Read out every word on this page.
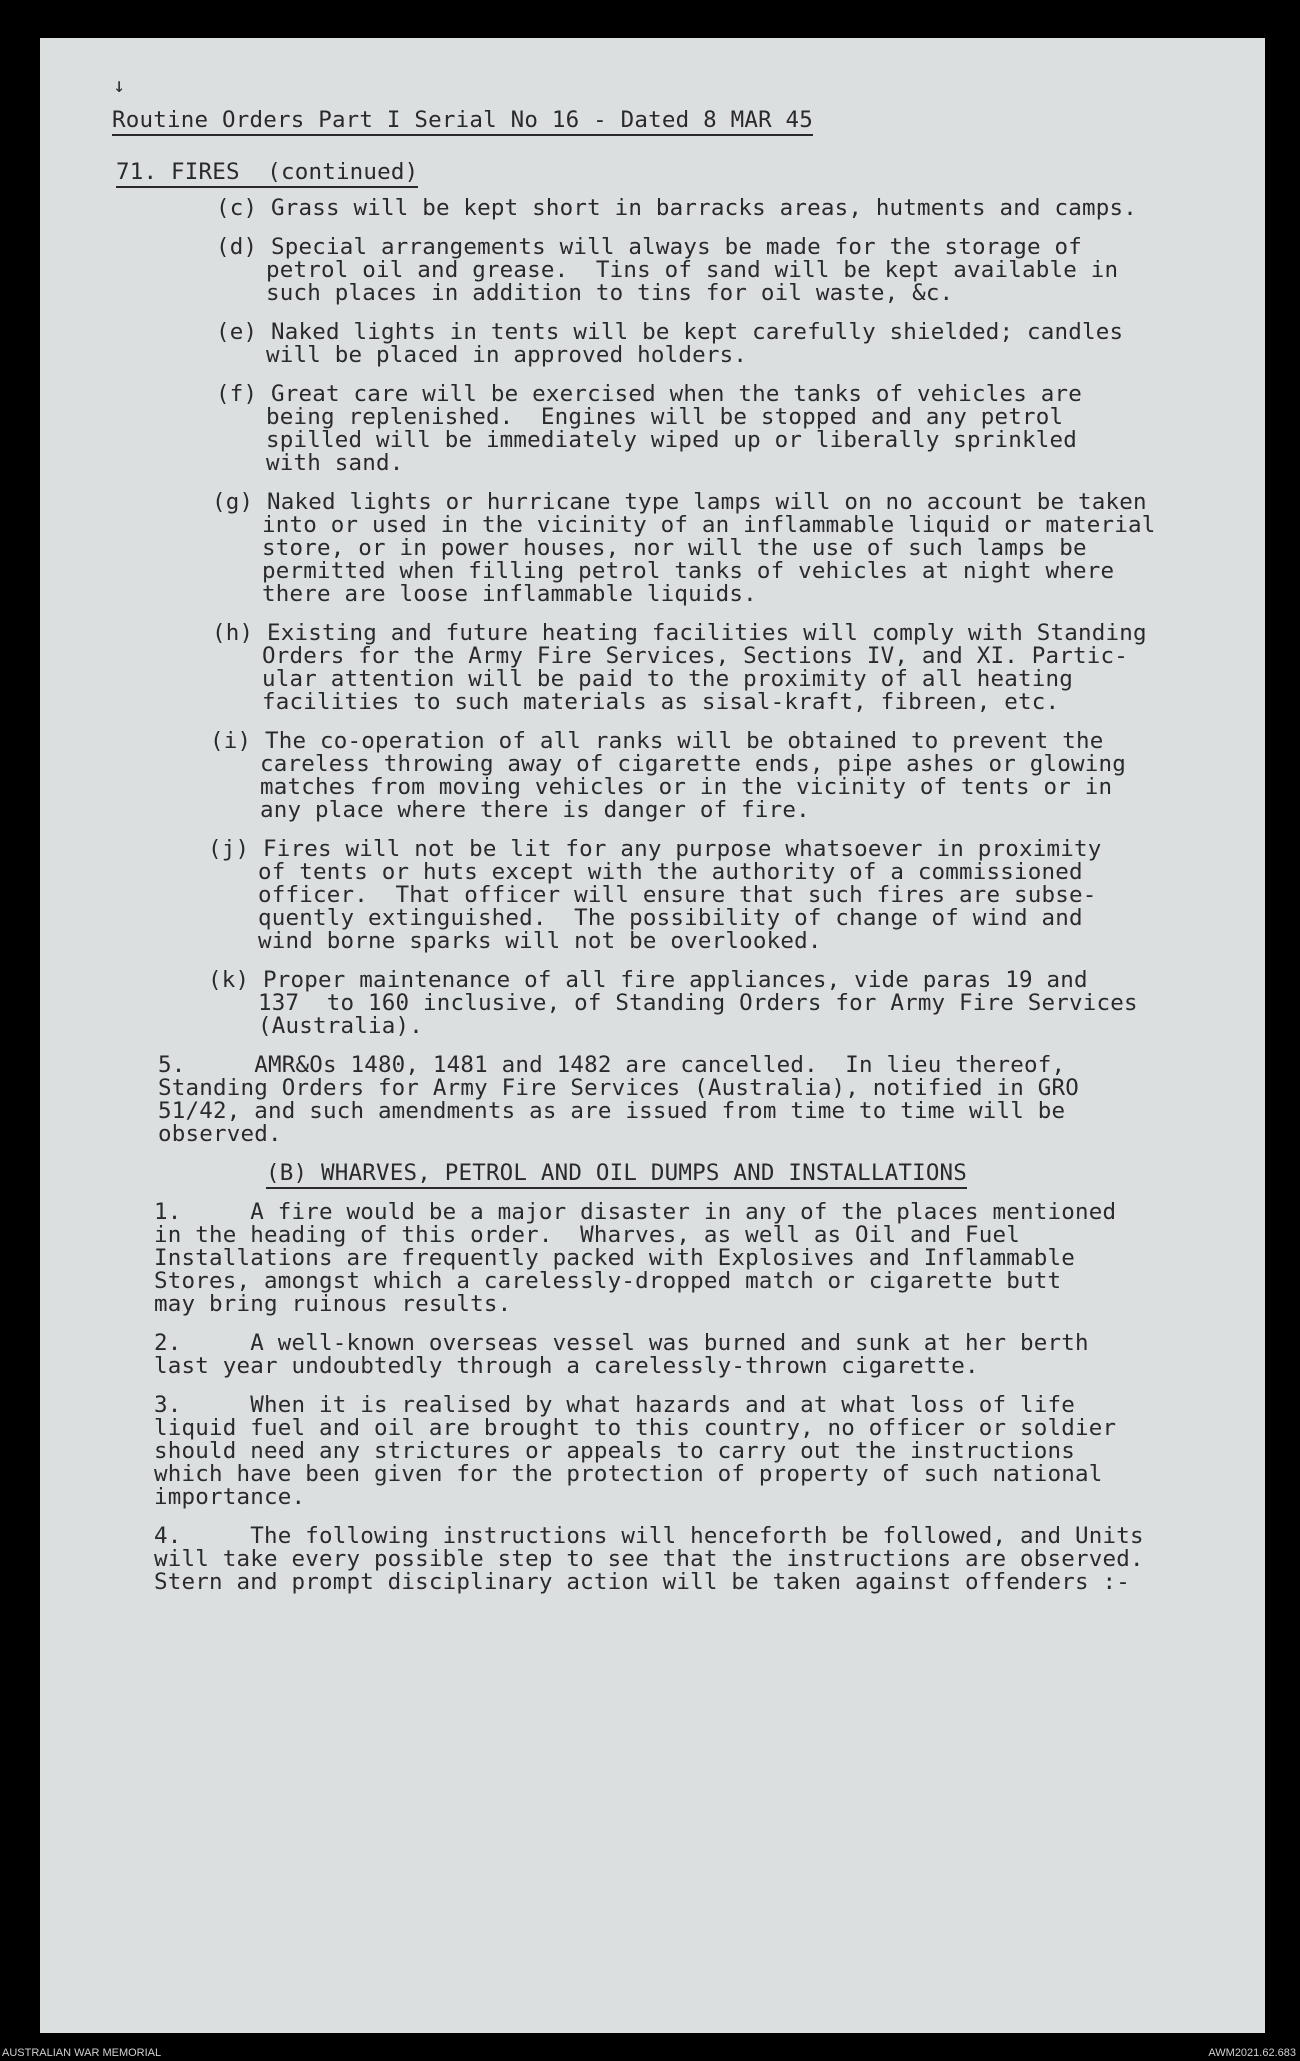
↓
Routine Orders Part I Serial No 16 - Dated 8 MAR 45
71. FIRES  (continued)
(c) Grass will be kept short in barracks areas, hutments and camps.
(d) Special arrangements will always be made for the storage of
petrol oil and grease.  Tins of sand will be kept available in
such places in addition to tins for oil waste, &c.
(e) Naked lights in tents will be kept carefully shielded; candles
will be placed in approved holders.
(f) Great care will be exercised when the tanks of vehicles are
being replenished.  Engines will be stopped and any petrol
spilled will be immediately wiped up or liberally sprinkled
with sand.
(g) Naked lights or hurricane type lamps will on no account be taken
into or used in the vicinity of an inflammable liquid or material
store, or in power houses, nor will the use of such lamps be
permitted when filling petrol tanks of vehicles at night where
there are loose inflammable liquids.
(h) Existing and future heating facilities will comply with Standing
Orders for the Army Fire Services, Sections IV, and XI. Partic-
ular attention will be paid to the proximity of all heating
facilities to such materials as sisal-kraft, fibreen, etc.
(i) The co-operation of all ranks will be obtained to prevent the
careless throwing away of cigarette ends, pipe ashes or glowing
matches from moving vehicles or in the vicinity of tents or in
any place where there is danger of fire.
(j) Fires will not be lit for any purpose whatsoever in proximity
of tents or huts except with the authority of a commissioned
officer.  That officer will ensure that such fires are subse-
quently extinguished.  The possibility of change of wind and
wind borne sparks will not be overlooked.
(k) Proper maintenance of all fire appliances, vide paras 19 and
137  to 160 inclusive, of Standing Orders for Army Fire Services
(Australia).
5.     AMR&Os 1480, 1481 and 1482 are cancelled.  In lieu thereof,
Standing Orders for Army Fire Services (Australia), notified in GRO
51/42, and such amendments as are issued from time to time will be
observed.
(B) WHARVES, PETROL AND OIL DUMPS AND INSTALLATIONS
1.     A fire would be a major disaster in any of the places mentioned
in the heading of this order.  Wharves, as well as Oil and Fuel
Installations are frequently packed with Explosives and Inflammable
Stores, amongst which a carelessly-dropped match or cigarette butt
may bring ruinous results.
2.     A well-known overseas vessel was burned and sunk at her berth
last year undoubtedly through a carelessly-thrown cigarette.
3.     When it is realised by what hazards and at what loss of life
liquid fuel and oil are brought to this country, no officer or soldier
should need any strictures or appeals to carry out the instructions
which have been given for the protection of property of such national
importance.
4.     The following instructions will henceforth be followed, and Units
will take every possible step to see that the instructions are observed.
Stern and prompt disciplinary action will be taken against offenders :-
AUSTRALIAN WAR MEMORIAL	AWM2021.62.683
